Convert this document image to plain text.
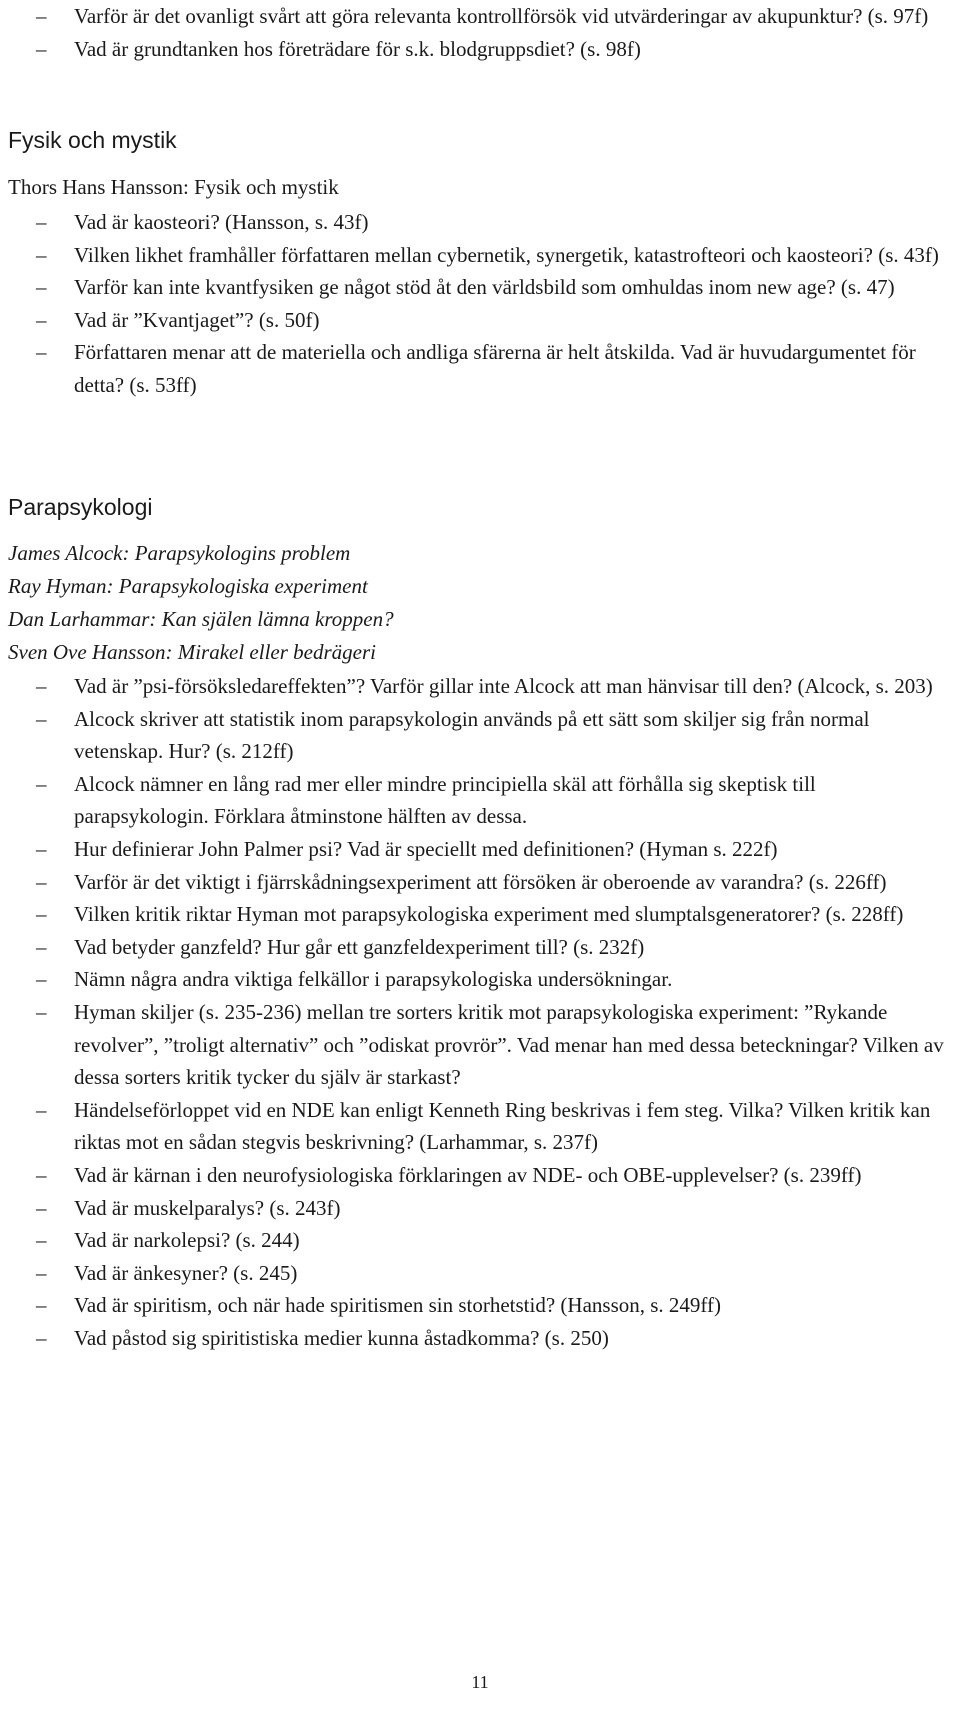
– Varför är det ovanligt svårt att göra relevanta kontrollförsök vid utvärderingar av akupunktur? (s. 97f)
– Vad är grundtanken hos företrädare för s.k. blodgruppsdiet? (s. 98f)
Fysik och mystik
Thors Hans Hansson: Fysik och mystik
– Vad är kaosteori? (Hansson, s. 43f)
– Vilken likhet framhåller författaren mellan cybernetik, synergetik, katastrofteori och kaosteori? (s. 43f)
– Varför kan inte kvantfysiken ge något stöd åt den världsbild som omhuldas inom new age? (s. 47)
– Vad är ”Kvantjaget”? (s. 50f)
– Författaren menar att de materiella och andliga sfärerna är helt åtskilda. Vad är huvudargumentet för detta? (s. 53ff)
Parapsykologi
James Alcock: Parapsykologins problem
Ray Hyman: Parapsykologiska experiment
Dan Larhammar: Kan själen lämna kroppen?
Sven Ove Hansson: Mirakel eller bedrägeri
– Vad är ”psi-försöksledareffekten”? Varför gillar inte Alcock att man hänvisar till den? (Alcock, s. 203)
– Alcock skriver att statistik inom parapsykologin används på ett sätt som skiljer sig från normal vetenskap. Hur? (s. 212ff)
– Alcock nämner en lång rad mer eller mindre principiella skäl att förhålla sig skeptisk till parapsykologin. Förklara åtminstone hälften av dessa.
– Hur definierar John Palmer psi? Vad är speciellt med definitionen? (Hyman s. 222f)
– Varför är det viktigt i fjärrskådningsexperiment att försöken är oberoende av varandra? (s. 226ff)
– Vilken kritik riktar Hyman mot parapsykologiska experiment med slumptalsgeneratorer? (s. 228ff)
– Vad betyder ganzfeld? Hur går ett ganzfeldexperiment till? (s. 232f)
– Nämn några andra viktiga felkällor i parapsykologiska undersökningar.
– Hyman skiljer (s. 235-236) mellan tre sorters kritik mot parapsykologiska experiment: ”Rykande revolver”, ”troligt alternativ” och ”odiskat provrör”. Vad menar han med dessa beteckningar? Vilken av dessa sorters kritik tycker du själv är starkast?
– Händelseförloppet vid en NDE kan enligt Kenneth Ring beskrivas i fem steg. Vilka? Vilken kritik kan riktas mot en sådan stegvis beskrivning? (Larhammar, s. 237f)
– Vad är kärnan i den neurofysiologiska förklaringen av NDE- och OBE-upplevelser? (s. 239ff)
– Vad är muskelparalys? (s. 243f)
– Vad är narkolepsi? (s. 244)
– Vad är änkesyner? (s. 245)
– Vad är spiritism, och när hade spiritismen sin storhetstid? (Hansson, s. 249ff)
– Vad påstod sig spiritistiska medier kunna åstadkomma? (s. 250)
11
